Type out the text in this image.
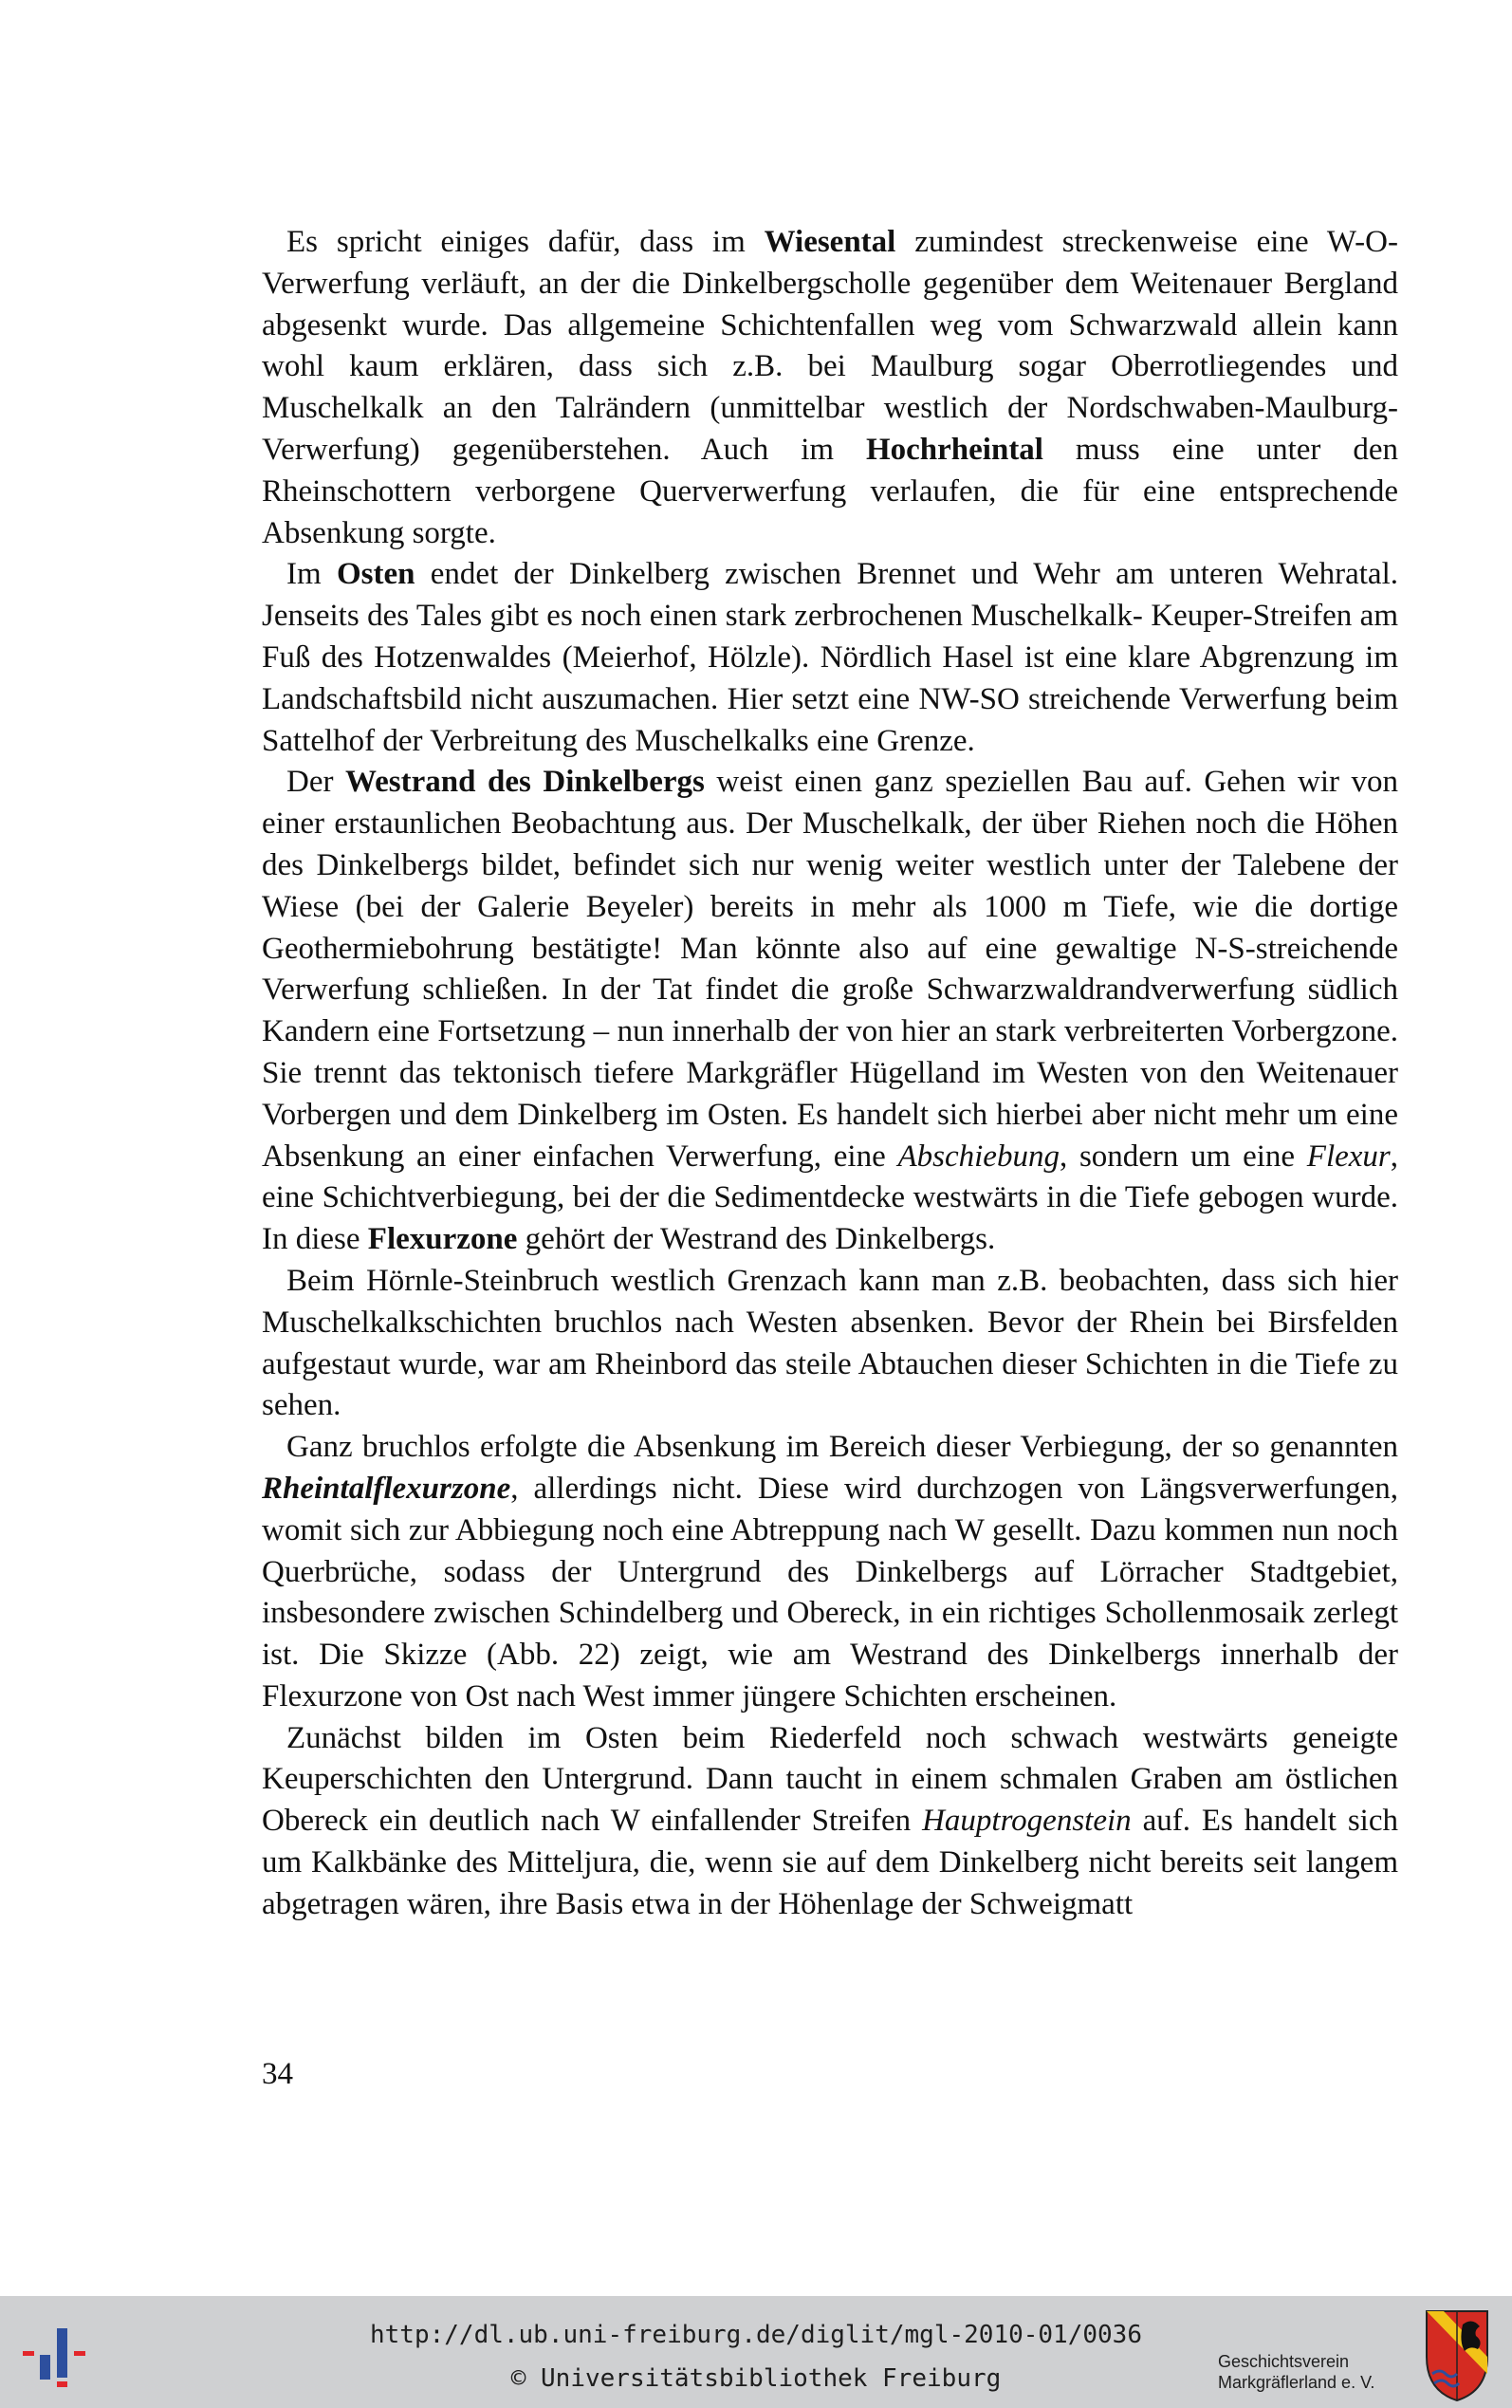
Es spricht einiges dafür, dass im Wiesental zumindest streckenweise eine W-O-Verwerfung verläuft, an der die Dinkelbergscholle gegenüber dem Weitenauer Bergland abgesenkt wurde. Das allgemeine Schichtenfallen weg vom Schwarzwald allein kann wohl kaum erklären, dass sich z.B. bei Maulburg sogar Oberrotliegendes und Muschelkalk an den Talrändern (unmittelbar westlich der Nordschwaben-Maulburg-Verwerfung) gegenüberstehen. Auch im Hochrheintal muss eine unter den Rheinschottern verborgene Querverwerfung verlaufen, die für eine entsprechende Absenkung sorgte.

Im Osten endet der Dinkelberg zwischen Brennet und Wehr am unteren Wehratal. Jenseits des Tales gibt es noch einen stark zerbrochenen Muschelkalk- Keuper-Streifen am Fuß des Hotzenwaldes (Meierhof, Hölzle). Nördlich Hasel ist eine klare Abgrenzung im Landschaftsbild nicht auszumachen. Hier setzt eine NW-SO streichende Verwerfung beim Sattelhof der Verbreitung des Muschelkalks eine Grenze.

Der Westrand des Dinkelbergs weist einen ganz speziellen Bau auf. Gehen wir von einer erstaunlichen Beobachtung aus. Der Muschelkalk, der über Riehen noch die Höhen des Dinkelbergs bildet, befindet sich nur wenig weiter westlich unter der Talebene der Wiese (bei der Galerie Beyeler) bereits in mehr als 1000 m Tiefe, wie die dortige Geothermiebohrung bestätigte! Man könnte also auf eine gewaltige N-S-streichende Verwerfung schließen. In der Tat findet die große Schwarzwaldrandverwerfung südlich Kandern eine Fortsetzung – nun innerhalb der von hier an stark verbreiterten Vorbergzone. Sie trennt das tektonisch tiefere Markgräfler Hügelland im Westen von den Weitenauer Vorbergen und dem Dinkelberg im Osten. Es handelt sich hierbei aber nicht mehr um eine Absenkung an einer einfachen Verwerfung, eine Abschiebung, sondern um eine Flexur, eine Schichtverbiegung, bei der die Sedimentdecke westwärts in die Tiefe gebogen wurde. In diese Flexurzone gehört der Westrand des Dinkelbergs.

Beim Hörnle-Steinbruch westlich Grenzach kann man z.B. beobachten, dass sich hier Muschelkalkschichten bruchlos nach Westen absenken. Bevor der Rhein bei Birsfelden aufgestaut wurde, war am Rheinbord das steile Abtauchen dieser Schichten in die Tiefe zu sehen.

Ganz bruchlos erfolgte die Absenkung im Bereich dieser Verbiegung, der so genannten Rheintalflexurzone, allerdings nicht. Diese wird durchzogen von Längsverwerfungen, womit sich zur Abbiegung noch eine Abtreppung nach W gesellt. Dazu kommen nun noch Querbrüche, sodass der Untergrund des Dinkelbergs auf Lörracher Stadtgebiet, insbesondere zwischen Schindelberg und Obereck, in ein richtiges Schollenmosaik zerlegt ist. Die Skizze (Abb. 22) zeigt, wie am Westrand des Dinkelbergs innerhalb der Flexurzone von Ost nach West immer jüngere Schichten erscheinen.

Zunächst bilden im Osten beim Riederfeld noch schwach westwärts geneigte Keuperschichten den Untergrund. Dann taucht in einem schmalen Graben am östlichen Obereck ein deutlich nach W einfallender Streifen Hauptrogenstein auf. Es handelt sich um Kalkbänke des Mitteljura, die, wenn sie auf dem Dinkelberg nicht bereits seit langem abgetragen wären, ihre Basis etwa in der Höhenlage der Schweigmatt

34
http://dl.ub.uni-freiburg.de/diglit/mgl-2010-01/0036
© Universitätsbibliothek Freiburg
Geschichtsverein
Markgräflerland e. V.
